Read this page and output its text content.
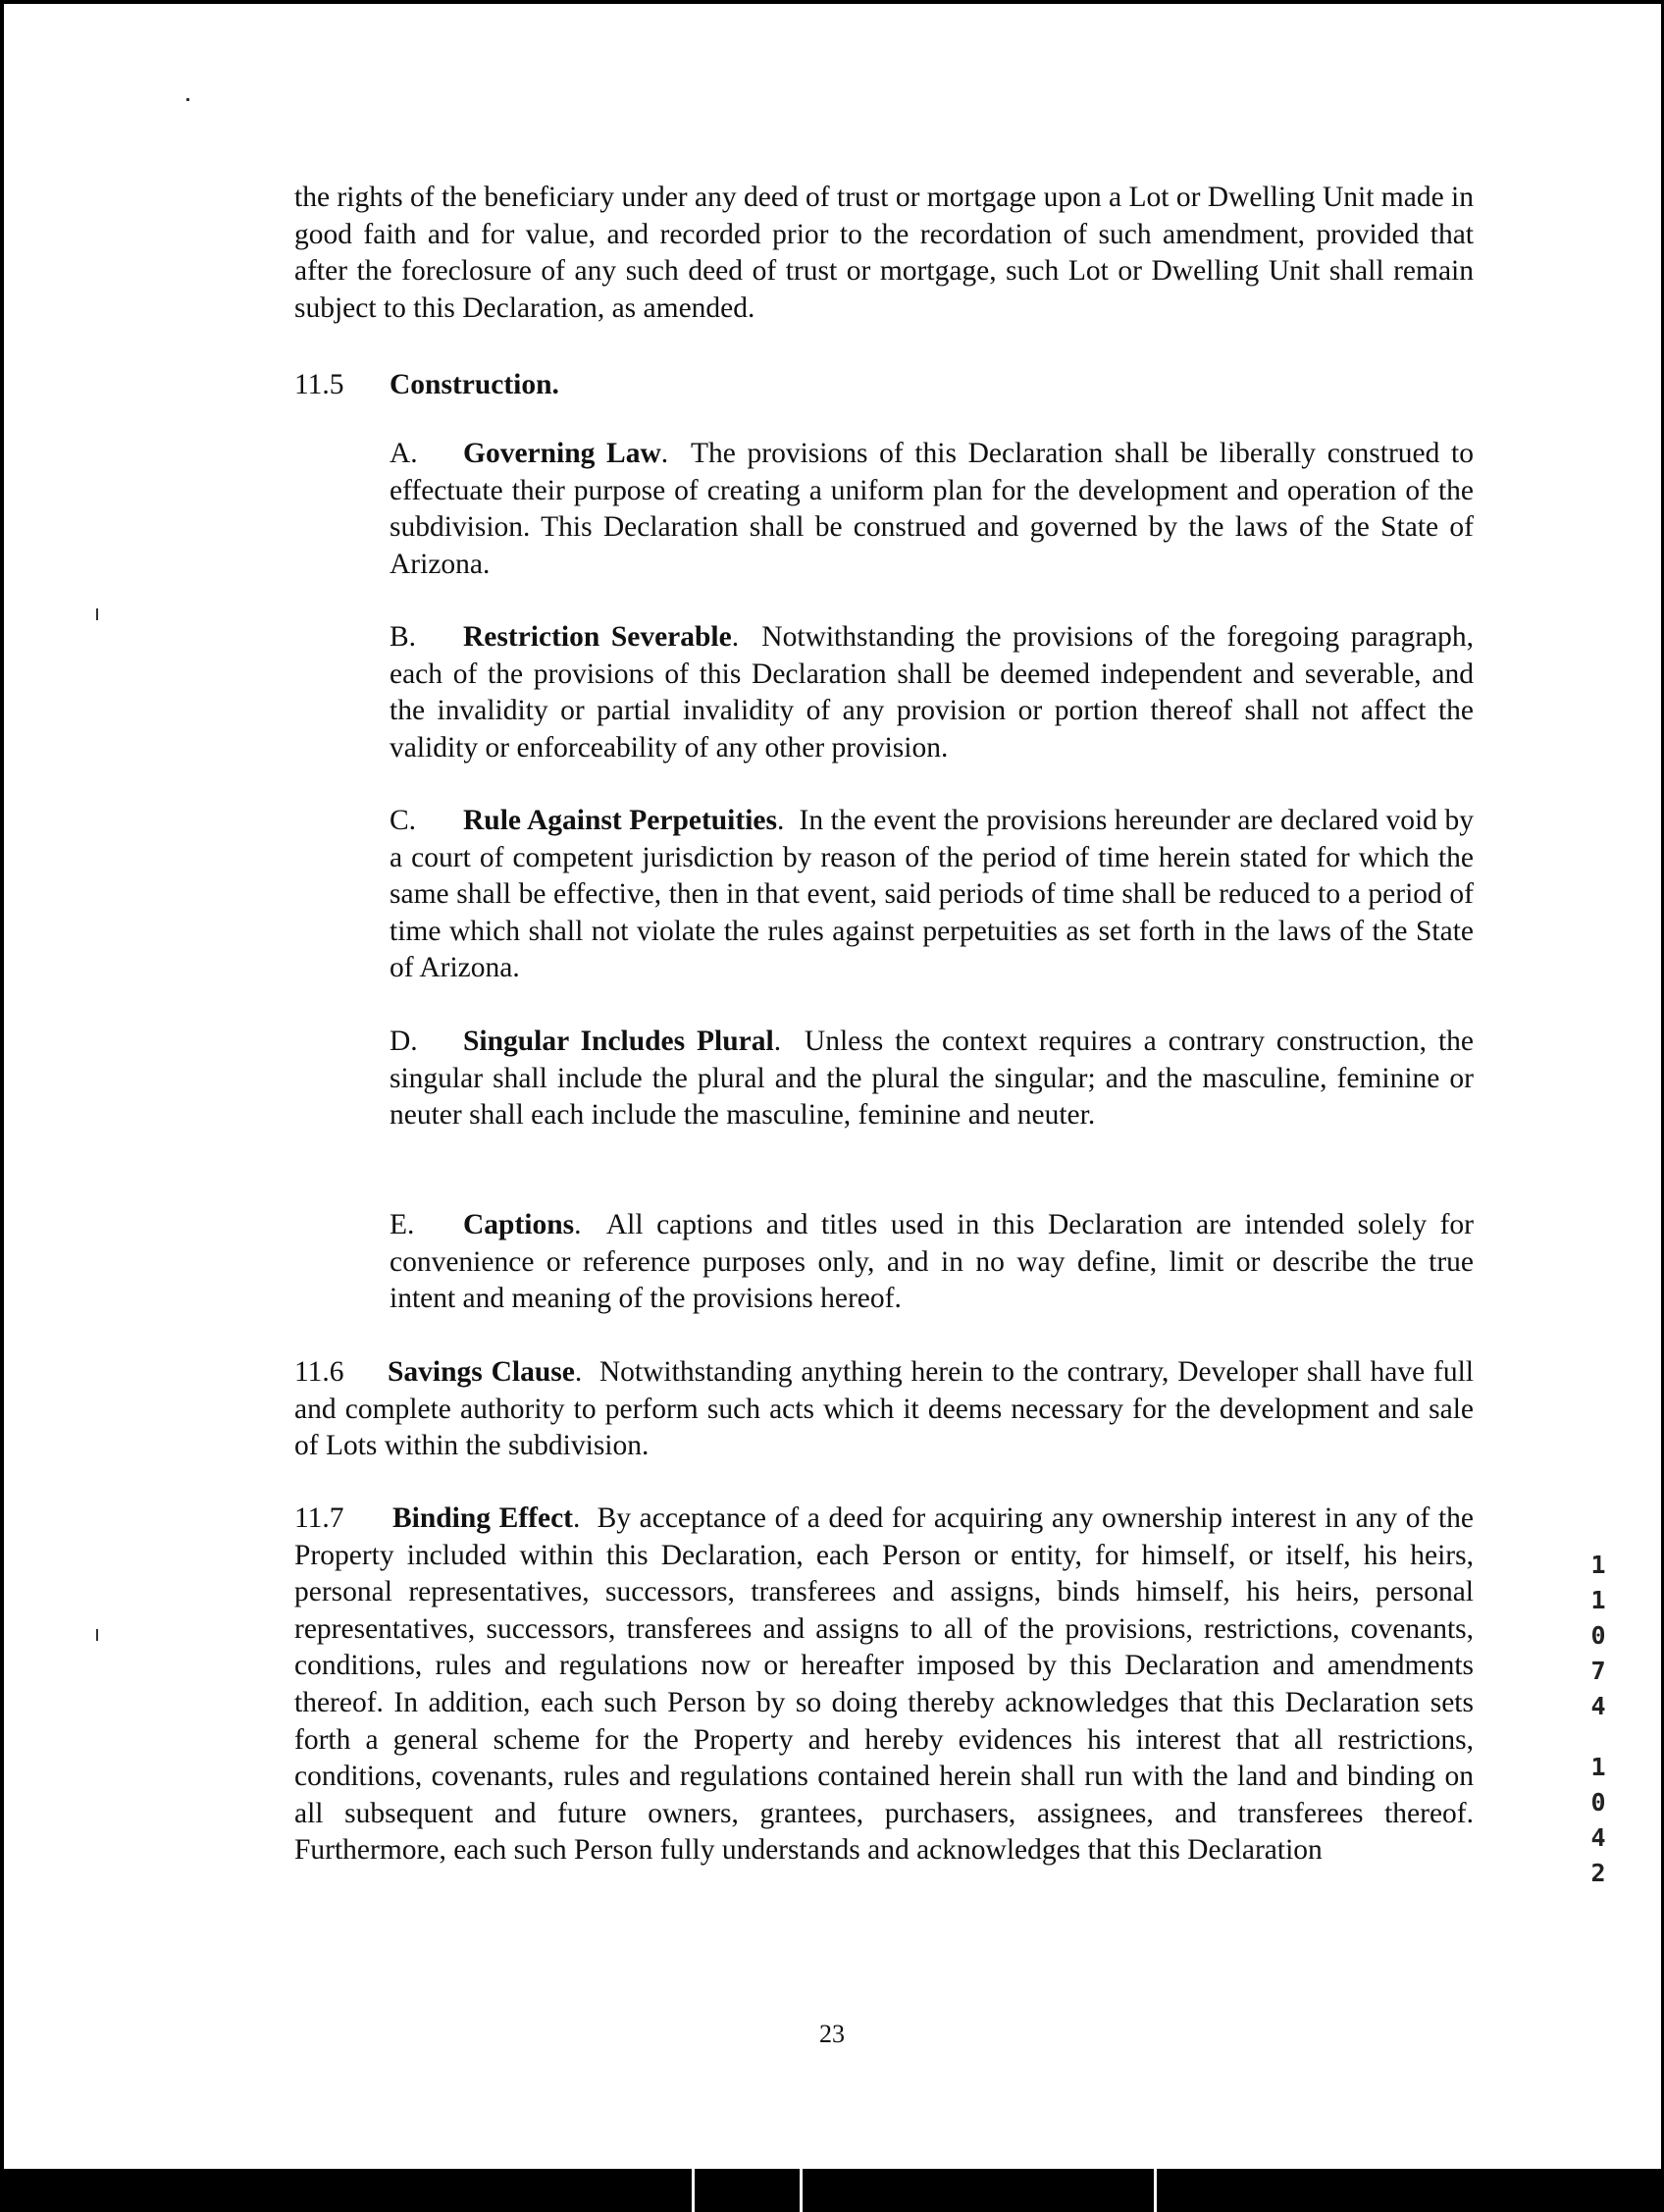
the rights of the beneficiary under any deed of trust or mortgage upon a Lot or Dwelling Unit made in good faith and for value, and recorded prior to the recordation of such amendment, provided that after the foreclosure of any such deed of trust or mortgage, such Lot or Dwelling Unit shall remain subject to this Declaration, as amended.

11.5 Construction.

A. Governing Law.  The provisions of this Declaration shall be liberally construed to effectuate their purpose of creating a uniform plan for the development and operation of the subdivision. This Declaration shall be construed and governed by the laws of the State of Arizona.

B. Restriction Severable.  Notwithstanding the provisions of the foregoing paragraph, each of the provisions of this Declaration shall be deemed independent and severable, and the invalidity or partial invalidity of any provision or portion thereof shall not affect the validity or enforceability of any other provision.

C. Rule Against Perpetuities.  In the event the provisions hereunder are declared void by a court of competent jurisdiction by reason of the period of time herein stated for which the same shall be effective, then in that event, said periods of time shall be reduced to a period of time which shall not violate the rules against perpetuities as set forth in the laws of the State of Arizona.

D. Singular Includes Plural.  Unless the context requires a contrary construction, the singular shall include the plural and the plural the singular; and the masculine, feminine or neuter shall each include the masculine, feminine and neuter.

E. Captions.  All captions and titles used in this Declaration are intended solely for convenience or reference purposes only, and in no way define, limit or describe the true intent and meaning of the provisions hereof.

11.6 Savings Clause.  Notwithstanding anything herein to the contrary, Developer shall have full and complete authority to perform such acts which it deems necessary for the development and sale of Lots within the subdivision.

11.7 Binding Effect.  By acceptance of a deed for acquiring any ownership interest in any of the Property included within this Declaration, each Person or entity, for himself, or itself, his heirs, personal representatives, successors, transferees and assigns, binds himself, his heirs, personal representatives, successors, transferees and assigns to all of the provisions, restrictions, covenants, conditions, rules and regulations now or hereafter imposed by this Declaration and amendments thereof. In addition, each such Person by so doing thereby acknowledges that this Declaration sets forth a general scheme for the Property and hereby evidences his interest that all restrictions, conditions, covenants, rules and regulations contained herein shall run with the land and binding on all subsequent and future owners, grantees, purchasers, assignees, and transferees thereof. Furthermore, each such Person fully understands and acknowledges that this Declaration

23
1
1
0
7
4
1
0
4
2
